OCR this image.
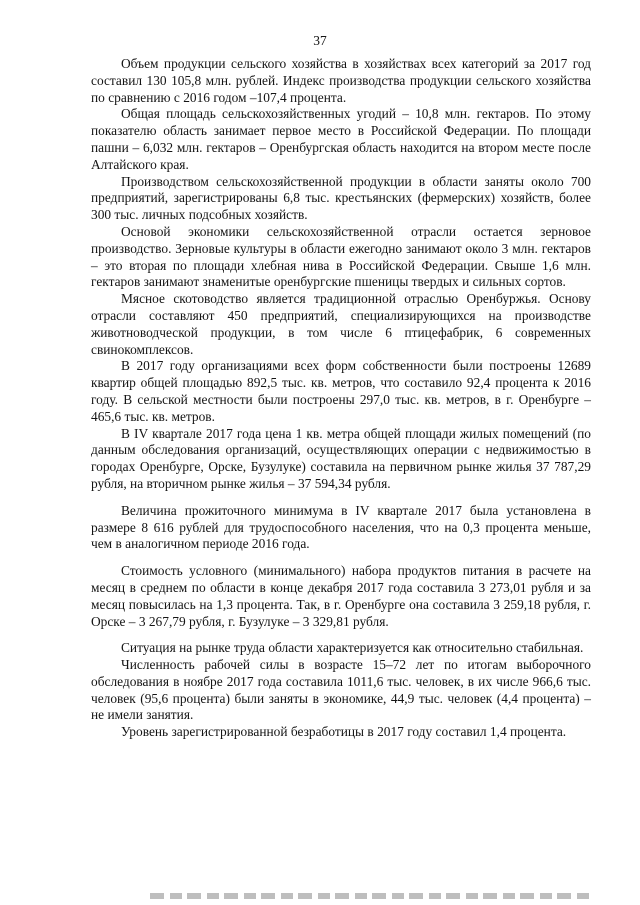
37

Объем продукции сельского хозяйства в хозяйствах всех категорий за 2017 год составил 130 105,8 млн. рублей. Индекс производства продукции сельского хозяйства по сравнению с 2016 годом –107,4 процента.

Общая площадь сельскохозяйственных угодий – 10,8 млн. гектаров. По этому показателю область занимает первое место в Российской Федерации. По площади пашни – 6,032 млн. гектаров – Оренбургская область находится на втором месте после Алтайского края.

Производством сельскохозяйственной продукции в области заняты около 700 предприятий, зарегистрированы 6,8 тыс. крестьянских (фермерских) хозяйств, более 300 тыс. личных подсобных хозяйств.

Основой экономики сельскохозяйственной отрасли остается зерновое производство. Зерновые культуры в области ежегодно занимают около 3 млн. гектаров – это вторая по площади хлебная нива в Российской Федерации. Свыше 1,6 млн. гектаров занимают знаменитые оренбургские пшеницы твердых и сильных сортов.

Мясное скотоводство является традиционной отраслью Оренбуржья. Основу отрасли составляют 450 предприятий, специализирующихся на производстве животноводческой продукции, в том числе 6 птицефабрик, 6 современных свинокомплексов.

В 2017 году организациями всех форм собственности были построены 12689 квартир общей площадью 892,5 тыс. кв. метров, что составило 92,4 процента к 2016 году. В сельской местности были построены 297,0 тыс. кв. метров, в г. Оренбурге – 465,6 тыс. кв. метров.

В IV квартале 2017 года цена 1 кв. метра общей площади жилых помещений (по данным обследования организаций, осуществляющих операции с недвижимостью в городах Оренбурге, Орске, Бузулуке) составила на первичном рынке жилья 37 787,29 рубля, на вторичном рынке жилья – 37 594,34 рубля.

Величина прожиточного минимума в IV квартале 2017 была установлена в размере 8 616 рублей для трудоспособного населения, что на 0,3 процента меньше, чем в аналогичном периоде 2016 года.

Стоимость условного (минимального) набора продуктов питания в расчете на месяц в среднем по области в конце декабря 2017 года составила 3 273,01 рубля и за месяц повысилась на 1,3 процента. Так, в г. Оренбурге она составила 3 259,18 рубля, г. Орске – 3 267,79 рубля, г. Бузулуке – 3 329,81 рубля.

Ситуация на рынке труда области характеризуется как относительно стабильная.

Численность рабочей силы в возрасте 15–72 лет по итогам выборочного обследования в ноябре 2017 года составила 1011,6 тыс. человек, в их числе 966,6 тыс. человек (95,6 процента) были заняты в экономике, 44,9 тыс. человек (4,4 процента) – не имели занятия.

Уровень зарегистрированной безработицы в 2017 году составил 1,4 процента.
